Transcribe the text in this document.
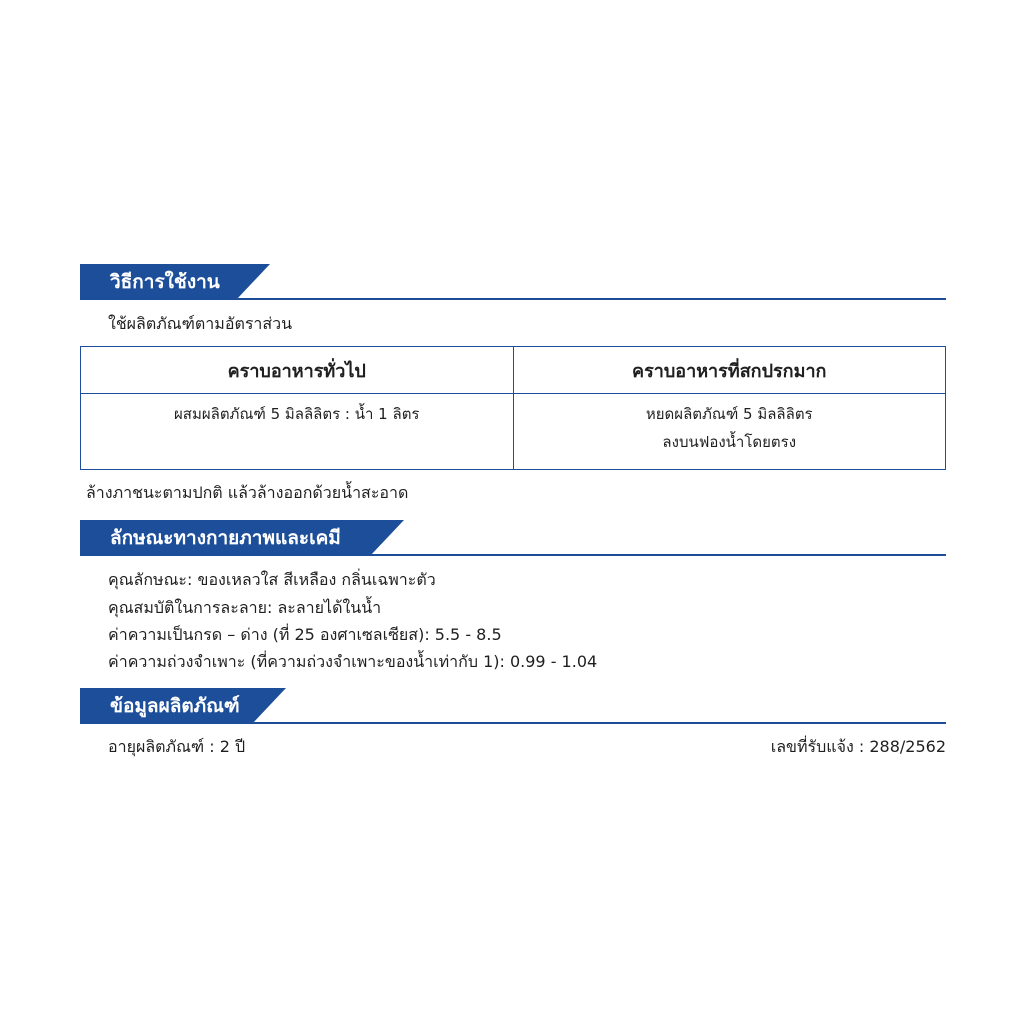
วิธีการใช้งาน
ใช้ผลิตภัณฑ์ตามอัตราส่วน
คราบอาหารทั่วไป	คราบอาหารที่สกปรกมาก

ผสมผลิตภัณฑ์ 5 มิลลิลิตร : น้ำ 1 ลิตร	หยดผลิตภัณฑ์ 5 มิลลิลิตร
ลงบนฟองน้ำโดยตรง
ล้างภาชนะตามปกติ แล้วล้างออกด้วยน้ำสะอาด
ลักษณะทางกายภาพและเคมี
คุณลักษณะ: ของเหลวใส สีเหลือง กลิ่นเฉพาะตัว
คุณสมบัติในการละลาย: ละลายได้ในน้ำ
ค่าความเป็นกรด – ด่าง (ที่ 25 องศาเซลเซียส): 5.5 - 8.5
ค่าความถ่วงจำเพาะ (ที่ความถ่วงจำเพาะของน้ำเท่ากับ 1): 0.99 - 1.04
ข้อมูลผลิตภัณฑ์
อายุผลิตภัณฑ์ : 2 ปี	เลขที่รับแจ้ง : 288/2562
